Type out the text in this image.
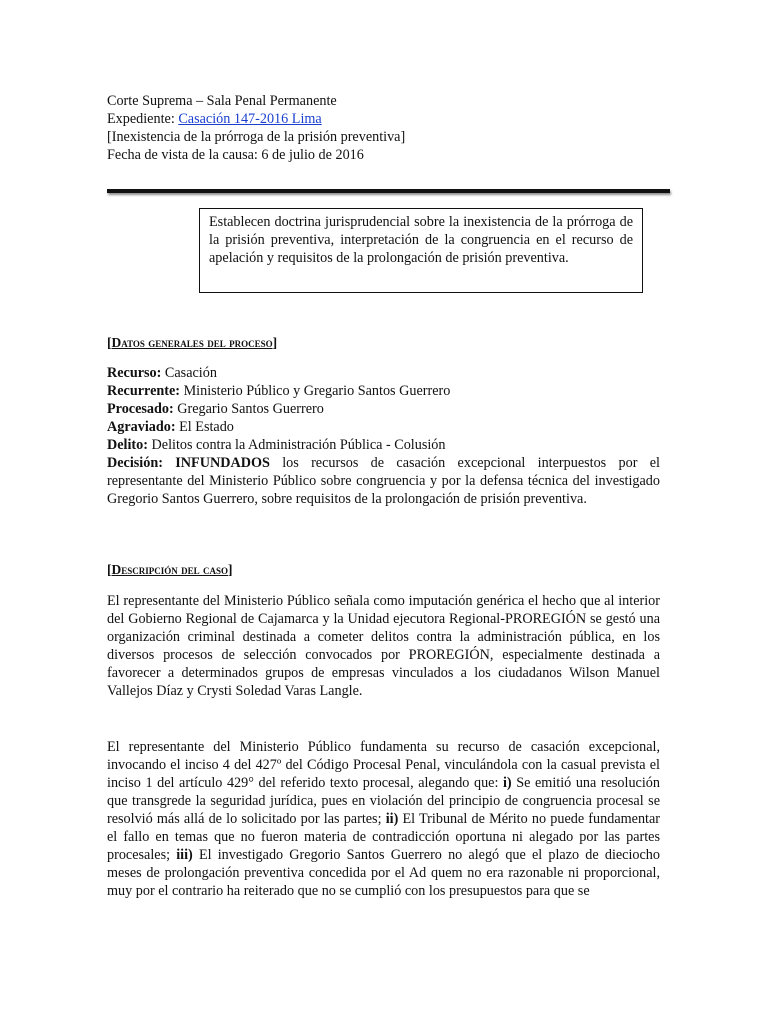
Corte Suprema – Sala Penal Permanente
Expediente: Casación 147-2016 Lima
[Inexistencia de la prórroga de la prisión preventiva]
Fecha de vista de la causa: 6 de julio de 2016
Establecen doctrina jurisprudencial sobre la inexistencia de la prórroga de la prisión preventiva, interpretación de la congruencia en el recurso de apelación y requisitos de la prolongación de prisión preventiva.
[Datos generales del proceso]
Recurso: Casación
Recurrente: Ministerio Público y Gregario Santos Guerrero
Procesado: Gregario Santos Guerrero
Agraviado: El Estado
Delito: Delitos contra la Administración Pública - Colusión
Decisión: INFUNDADOS los recursos de casación excepcional interpuestos por el representante del Ministerio Público sobre congruencia y por la defensa técnica del investigado Gregorio Santos Guerrero, sobre requisitos de la prolongación de prisión preventiva.
[Descripción del caso]
El representante del Ministerio Público señala como imputación genérica el hecho que al interior del Gobierno Regional de Cajamarca y la Unidad ejecutora Regional-PROREGIÓN se gestó una organización criminal destinada a cometer delitos contra la administración pública, en los diversos procesos de selección convocados por PROREGIÓN, especialmente destinada a favorecer a determinados grupos de empresas vinculados a los ciudadanos Wilson Manuel Vallejos Díaz y Crysti Soledad Varas Langle.
El representante del Ministerio Público fundamenta su recurso de casación excepcional, invocando el inciso 4 del 427º del Código Procesal Penal, vinculándola con la casual prevista el inciso 1 del artículo 429° del referido texto procesal, alegando que: i) Se emitió una resolución que transgrede la seguridad jurídica, pues en violación del principio de congruencia procesal se resolvió más allá de lo solicitado por las partes; ii) El Tribunal de Mérito no puede fundamentar el fallo en temas que no fueron materia de contradicción oportuna ni alegado por las partes procesales; iii) El investigado Gregorio Santos Guerrero no alegó que el plazo de dieciocho meses de prolongación preventiva concedida por el Ad quem no era razonable ni proporcional, muy por el contrario ha reiterado que no se cumplió con los presupuestos para que se
